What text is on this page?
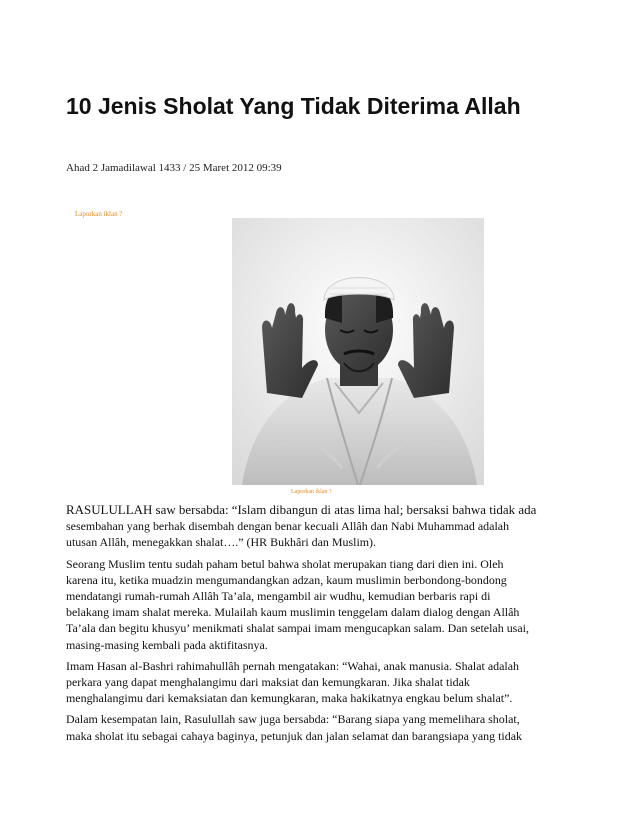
10 Jenis Sholat Yang Tidak Diterima Allah
Ahad 2 Jamadilawal 1433 / 25 Maret 2012 09:39
Laporkan iklan ?
Laporkan iklan ?

RASULULLAH saw bersabda: “Islam dibangun di atas lima hal; bersaksi bahwa tidak ada
sesembahan yang berhak disembah dengan benar kecuali Allâh dan Nabi Muhammad adalah
utusan Allâh, menegakkan shalat….” (HR Bukhâri dan Muslim).

Seorang Muslim tentu sudah paham betul bahwa sholat merupakan tiang dari dien ini. Oleh
karena itu, ketika muadzin mengumandangkan adzan, kaum muslimin berbondong-bondong
mendatangi rumah-rumah Allâh Ta’ala, mengambil air wudhu, kemudian berbaris rapi di
belakang imam shalat mereka. Mulailah kaum muslimin tenggelam dalam dialog dengan Allâh
Ta’ala dan begitu khusyu’ menikmati shalat sampai imam mengucapkan salam. Dan setelah usai,
masing-masing kembali pada aktifitasnya.

Imam Hasan al-Bashri rahimahullâh pernah mengatakan: “Wahai, anak manusia. Shalat adalah
perkara yang dapat menghalangimu dari maksiat dan kemungkaran. Jika shalat tidak
menghalangimu dari kemaksiatan dan kemungkaran, maka hakikatnya engkau belum shalat”.

Dalam kesempatan lain, Rasulullah saw juga bersabda: “Barang siapa yang memelihara sholat,
maka sholat itu sebagai cahaya baginya, petunjuk dan jalan selamat dan barangsiapa yang tidak
